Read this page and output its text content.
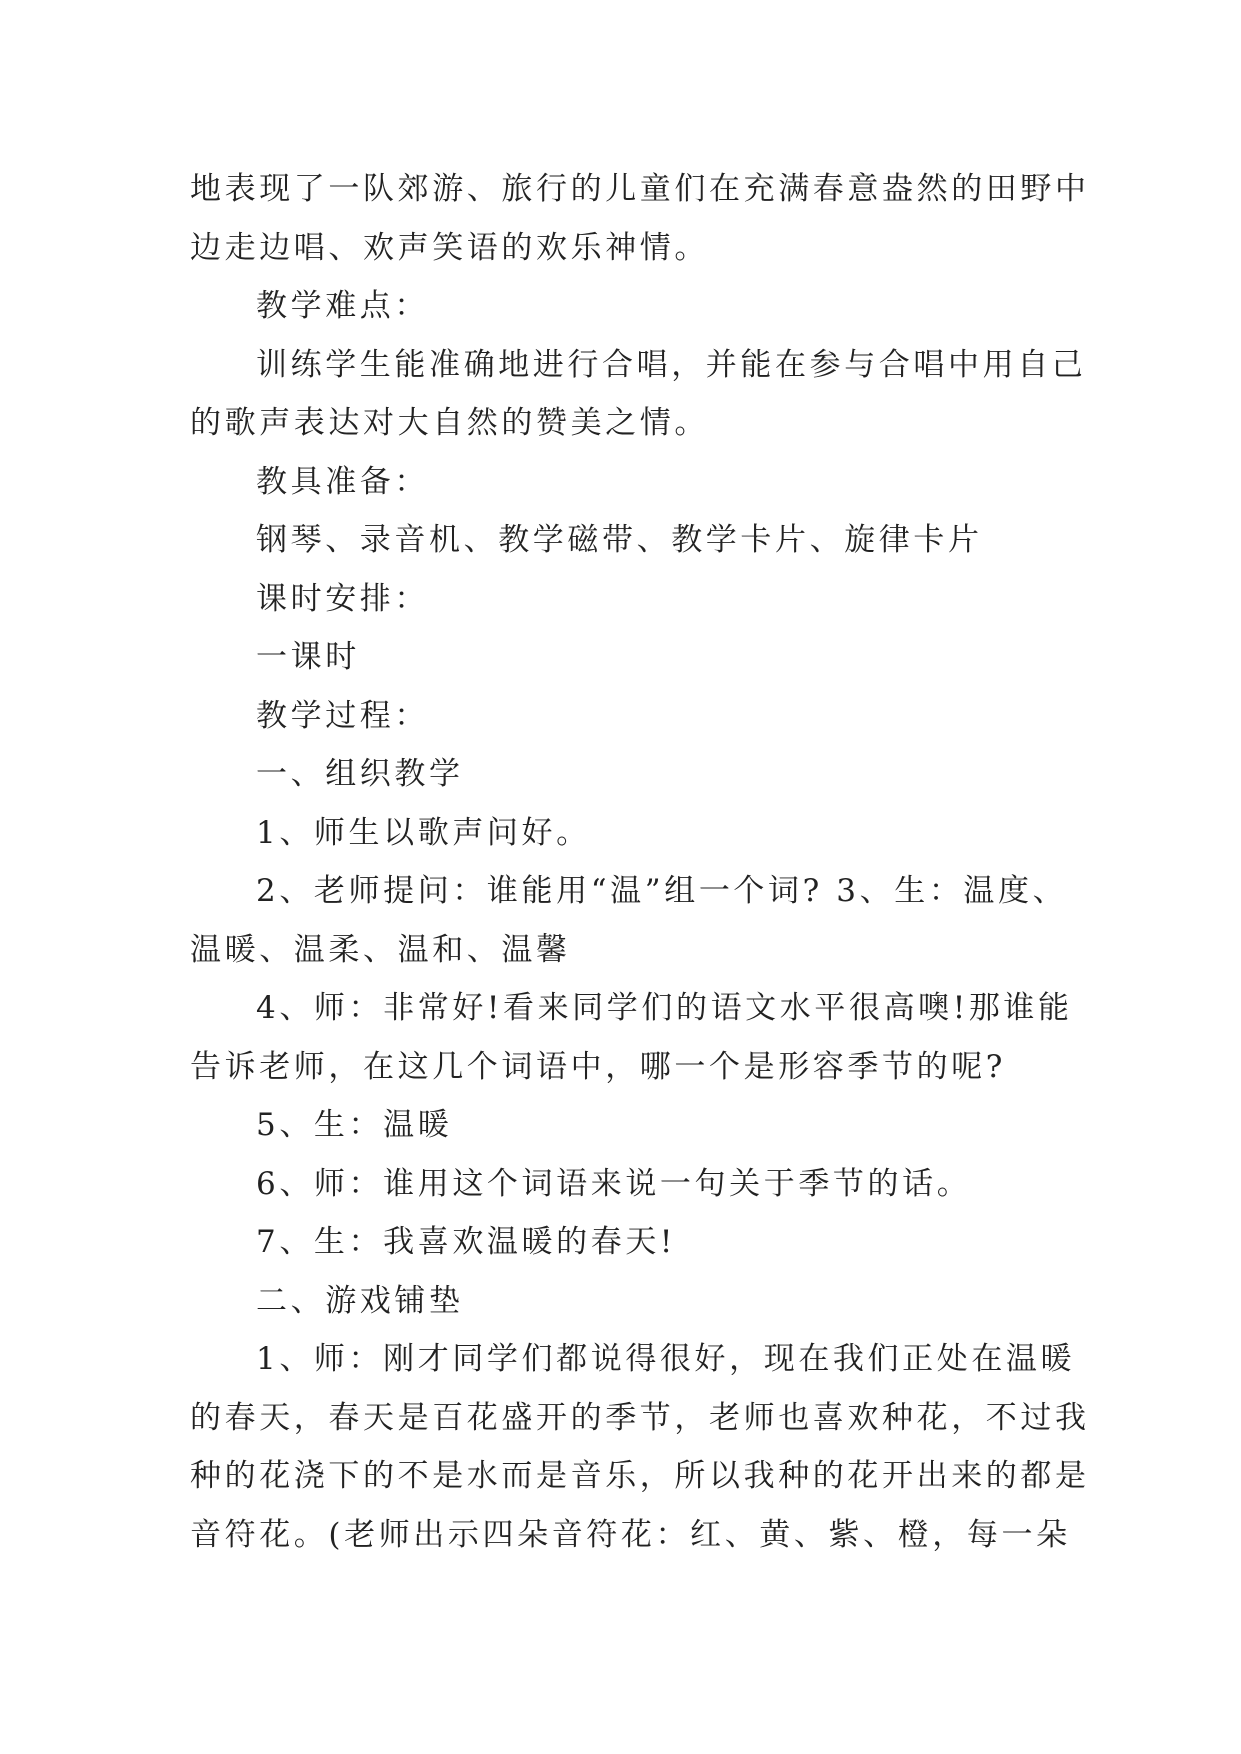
地表现了一队郊游、旅行的儿童们在充满春意盎然的田野中
边走边唱、欢声笑语的欢乐神情。
教学难点：
训练学生能准确地进行合唱，并能在参与合唱中用自己
的歌声表达对大自然的赞美之情。
教具准备：
钢琴、录音机、教学磁带、教学卡片、旋律卡片
课时安排：
一课时
教学过程：
一、组织教学
1、师生以歌声问好。
2、老师提问：谁能用“温”组一个词? 3、生：温度、
温暖、温柔、温和、温馨
4、师：非常好!看来同学们的语文水平很高噢!那谁能
告诉老师，在这几个词语中，哪一个是形容季节的呢?
5、生：温暖
6、师：谁用这个词语来说一句关于季节的话。
7、生：我喜欢温暖的春天!
二、游戏铺垫
1、师：刚才同学们都说得很好，现在我们正处在温暖
的春天，春天是百花盛开的季节，老师也喜欢种花，不过我
种的花浇下的不是水而是音乐，所以我种的花开出来的都是
音符花。(老师出示四朵音符花：红、黄、紫、橙，每一朵
